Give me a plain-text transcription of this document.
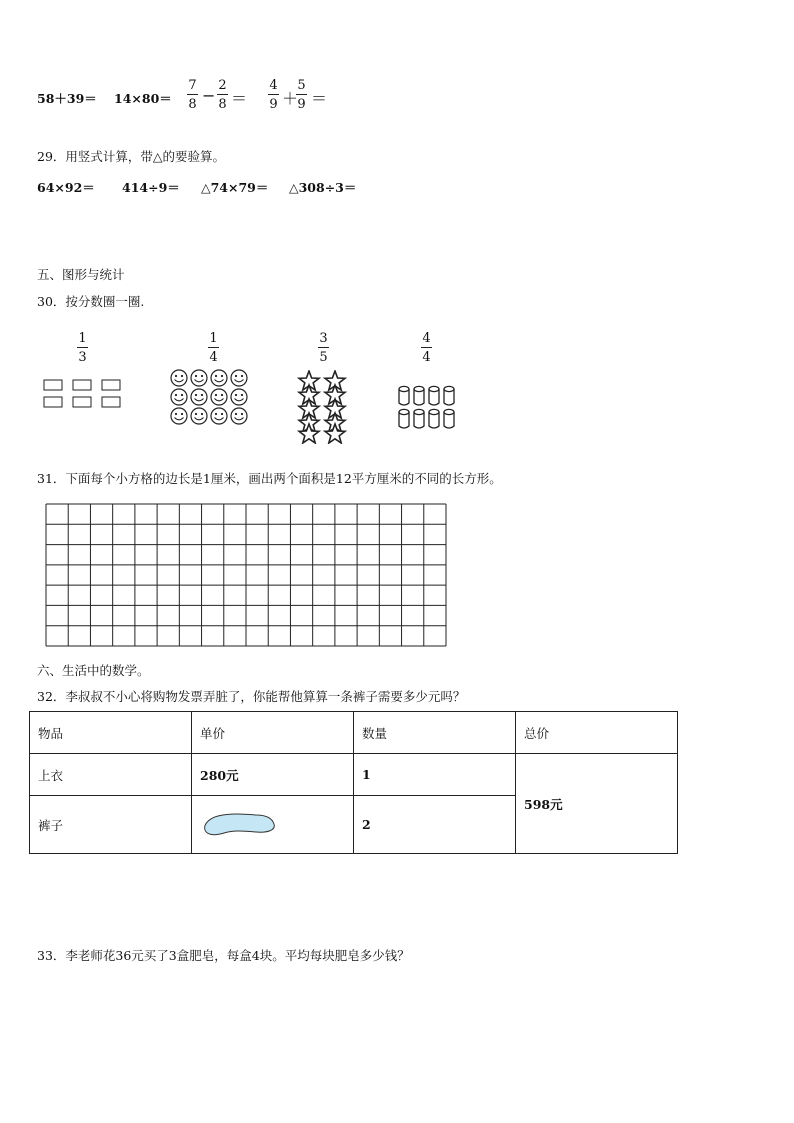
58＋39＝ 14×80＝
7
8 −
2
8 ＝
4
9 ＋
5
9 ＝
29．用竖式计算，带△的要验算。
64×92＝ 414÷9＝ △74×79＝ △308÷3＝
五、图形与统计
30．按分数圈一圈.
1
3
1
4
3
5
4
4
31．下面每个小方格的边长是1厘米，画出两个面积是12平方厘米的不同的长方形。
六、生活中的数学。
32．李叔叔不小心将购物发票弄脏了，你能帮他算算一条裤子需要多少元吗？
物品	单价	数量	总价
上衣	280元	1	598元
裤子		2	
33．李老师花36元买了3盒肥皂，每盒4块。平均每块肥皂多少钱？
